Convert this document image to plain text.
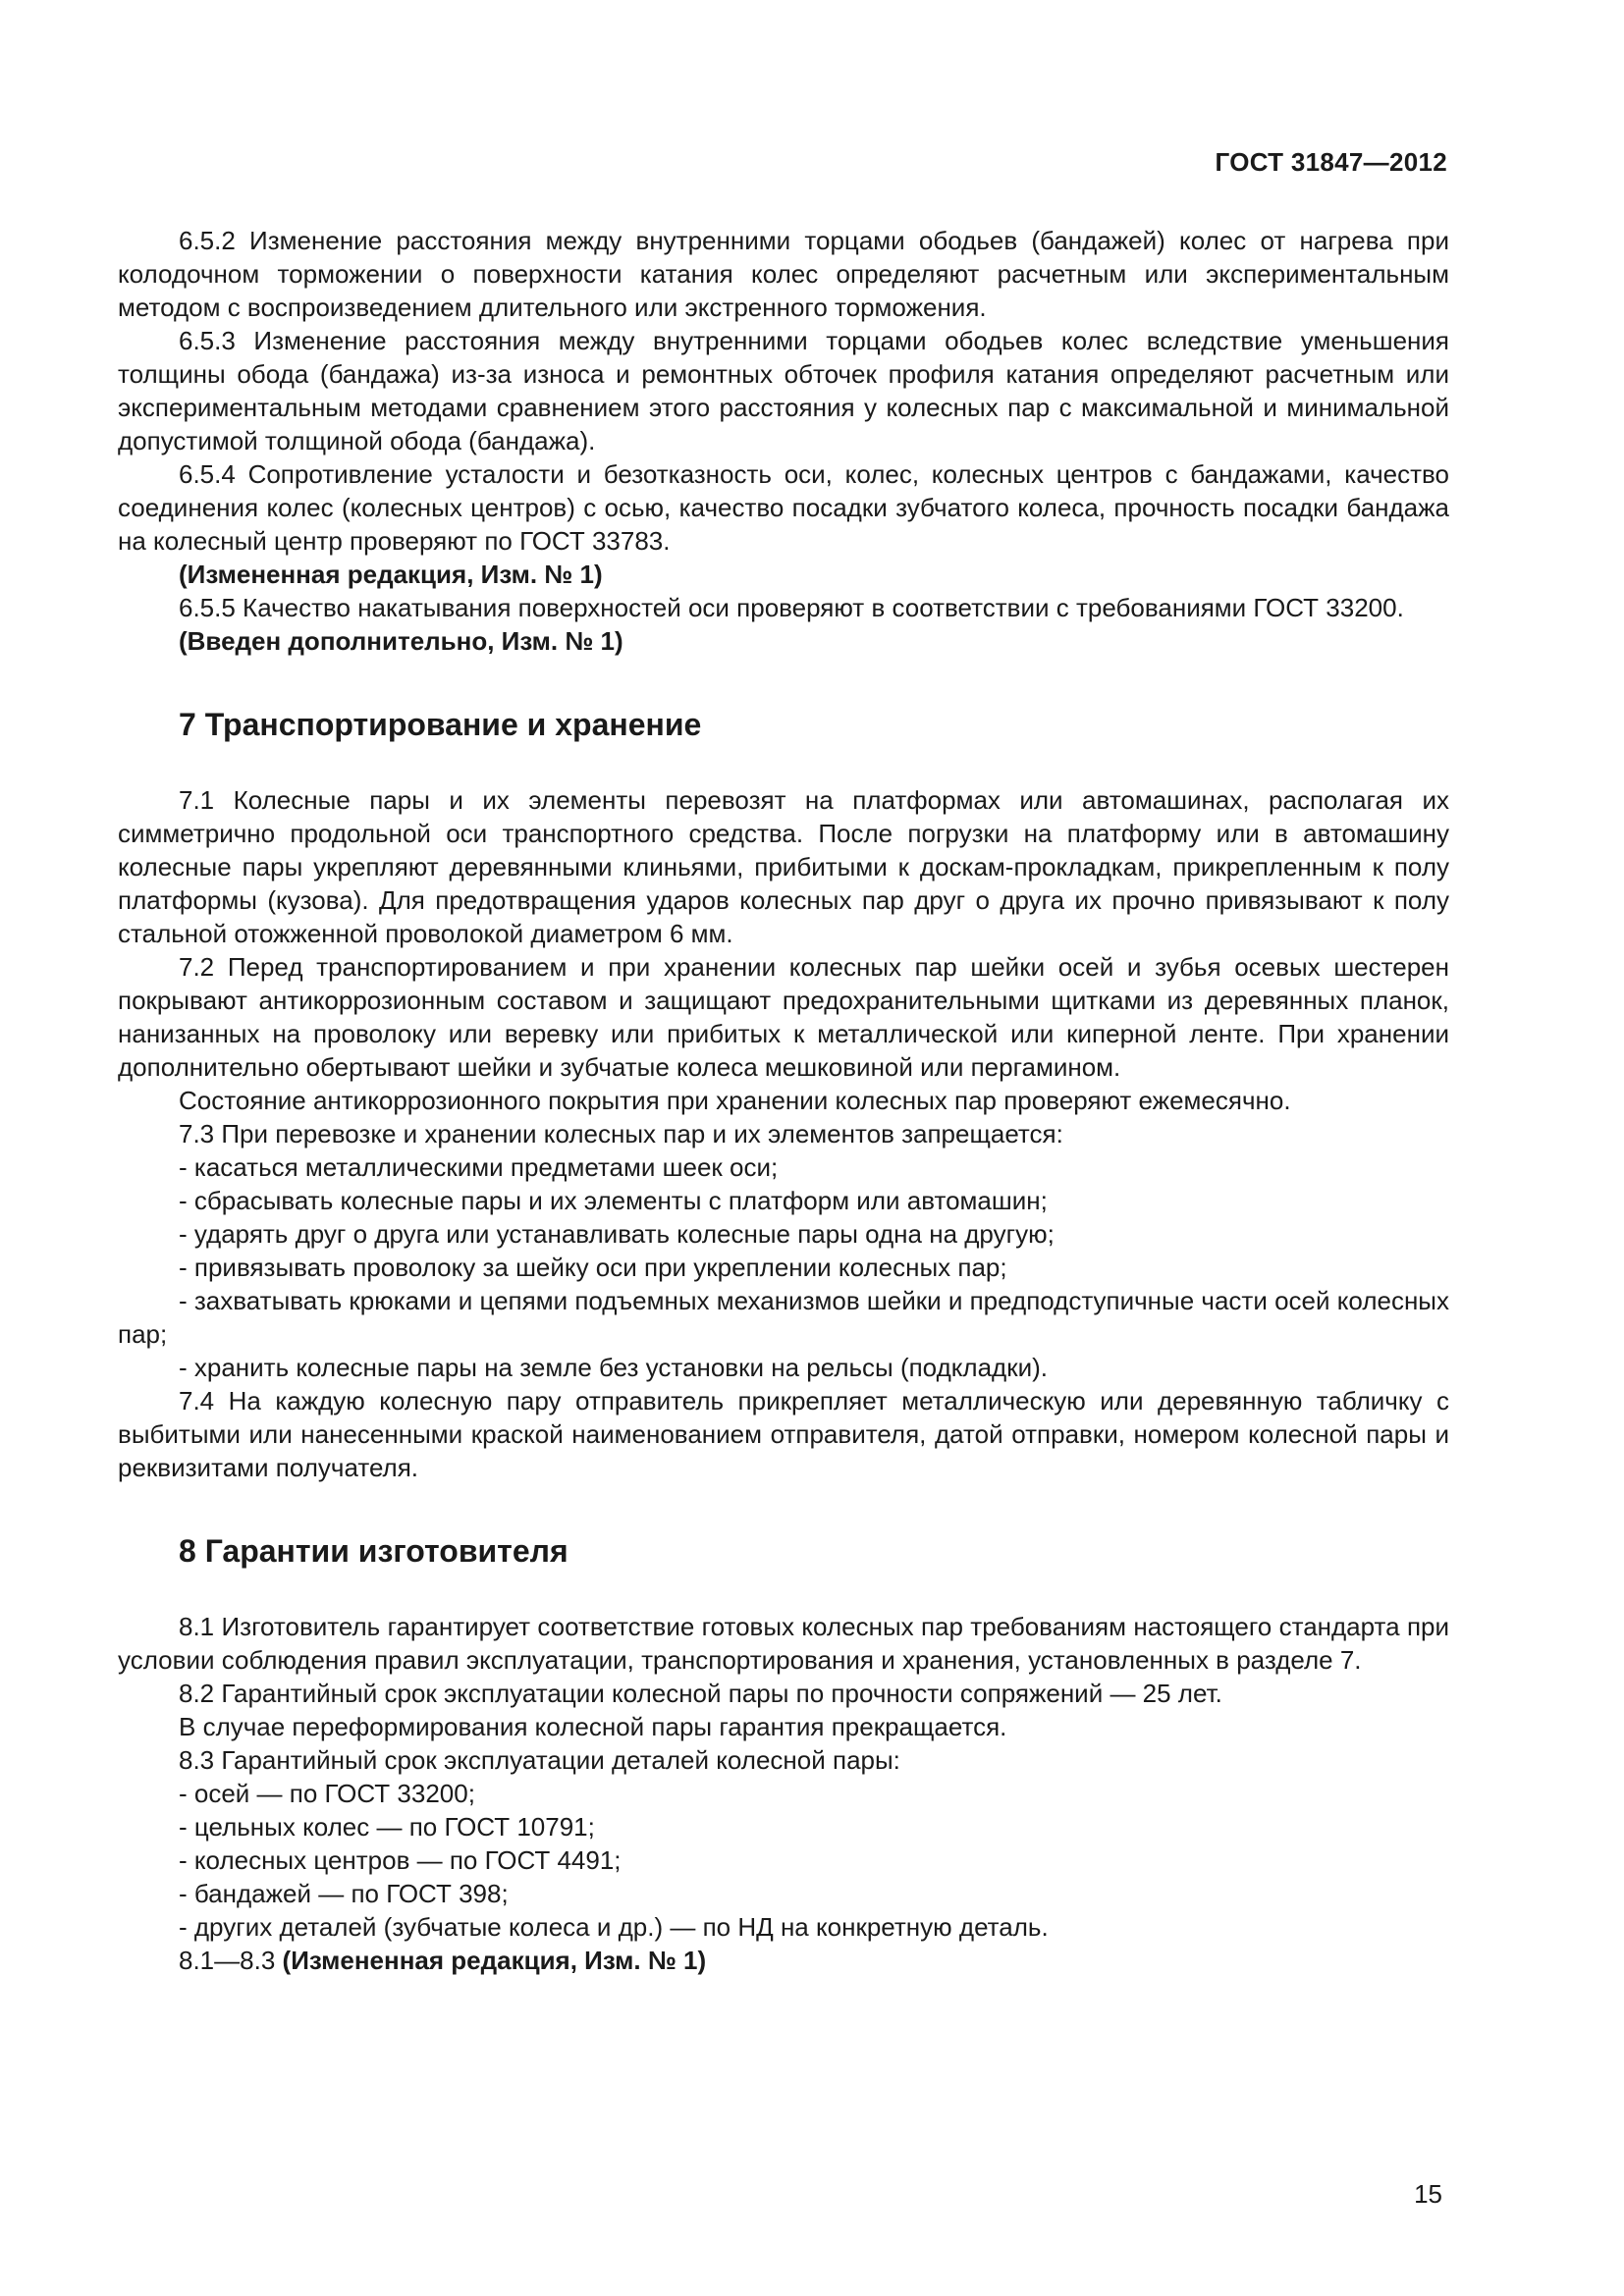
ГОСТ 31847—2012

6.5.2 Изменение расстояния между внутренними торцами ободьев (бандажей) колес от нагрева при колодочном торможении о поверхности катания колес определяют расчетным или экспериментальным методом с воспроизведением длительного или экстренного торможения.

6.5.3 Изменение расстояния между внутренними торцами ободьев колес вследствие уменьшения толщины обода (бандажа) из-за износа и ремонтных обточек профиля катания определяют расчетным или экспериментальным методами сравнением этого расстояния у колесных пар с максимальной и минимальной допустимой толщиной обода (бандажа).

6.5.4 Сопротивление усталости и безотказность оси, колес, колесных центров с бандажами, качество соединения колес (колесных центров) с осью, качество посадки зубчатого колеса, прочность посадки бандажа на колесный центр проверяют по ГОСТ 33783.

(Измененная редакция, Изм. № 1)

6.5.5 Качество накатывания поверхностей оси проверяют в соответствии с требованиями ГОСТ 33200.

(Введен дополнительно, Изм. № 1)

7 Транспортирование и хранение

7.1 Колесные пары и их элементы перевозят на платформах или автомашинах, располагая их симметрично продольной оси транспортного средства. После погрузки на платформу или в автомашину колесные пары укрепляют деревянными клиньями, прибитыми к доскам-прокладкам, прикрепленным к полу платформы (кузова). Для предотвращения ударов колесных пар друг о друга их прочно привязывают к полу стальной отожженной проволокой диаметром 6 мм.

7.2 Перед транспортированием и при хранении колесных пар шейки осей и зубья осевых шестерен покрывают антикоррозионным составом и защищают предохранительными щитками из деревянных планок, нанизанных на проволоку или веревку или прибитых к металлической или киперной ленте. При хранении дополнительно обертывают шейки и зубчатые колеса мешковиной или пергамином.

Состояние антикоррозионного покрытия при хранении колесных пар проверяют ежемесячно.

7.3 При перевозке и хранении колесных пар и их элементов запрещается:

- касаться металлическими предметами шеек оси;

- сбрасывать колесные пары и их элементы с платформ или автомашин;

- ударять друг о друга или устанавливать колесные пары одна на другую;

- привязывать проволоку за шейку оси при укреплении колесных пар;

- захватывать крюками и цепями подъемных механизмов шейки и предподступичные части осей колесных пар;

- хранить колесные пары на земле без установки на рельсы (подкладки).

7.4 На каждую колесную пару отправитель прикрепляет металлическую или деревянную табличку с выбитыми или нанесенными краской наименованием отправителя, датой отправки, номером колесной пары и реквизитами получателя.

8 Гарантии изготовителя

8.1 Изготовитель гарантирует соответствие готовых колесных пар требованиям настоящего стандарта при условии соблюдения правил эксплуатации, транспортирования и хранения, установленных в разделе 7.

8.2 Гарантийный срок эксплуатации колесной пары по прочности сопряжений — 25 лет.

В случае переформирования колесной пары гарантия прекращается.

8.3 Гарантийный срок эксплуатации деталей колесной пары:

- осей — по ГОСТ 33200;

- цельных колес — по ГОСТ 10791;

- колесных центров — по ГОСТ 4491;

- бандажей — по ГОСТ 398;

- других деталей (зубчатые колеса и др.) — по НД на конкретную деталь.

8.1—8.3 (Измененная редакция, Изм. № 1)

15
